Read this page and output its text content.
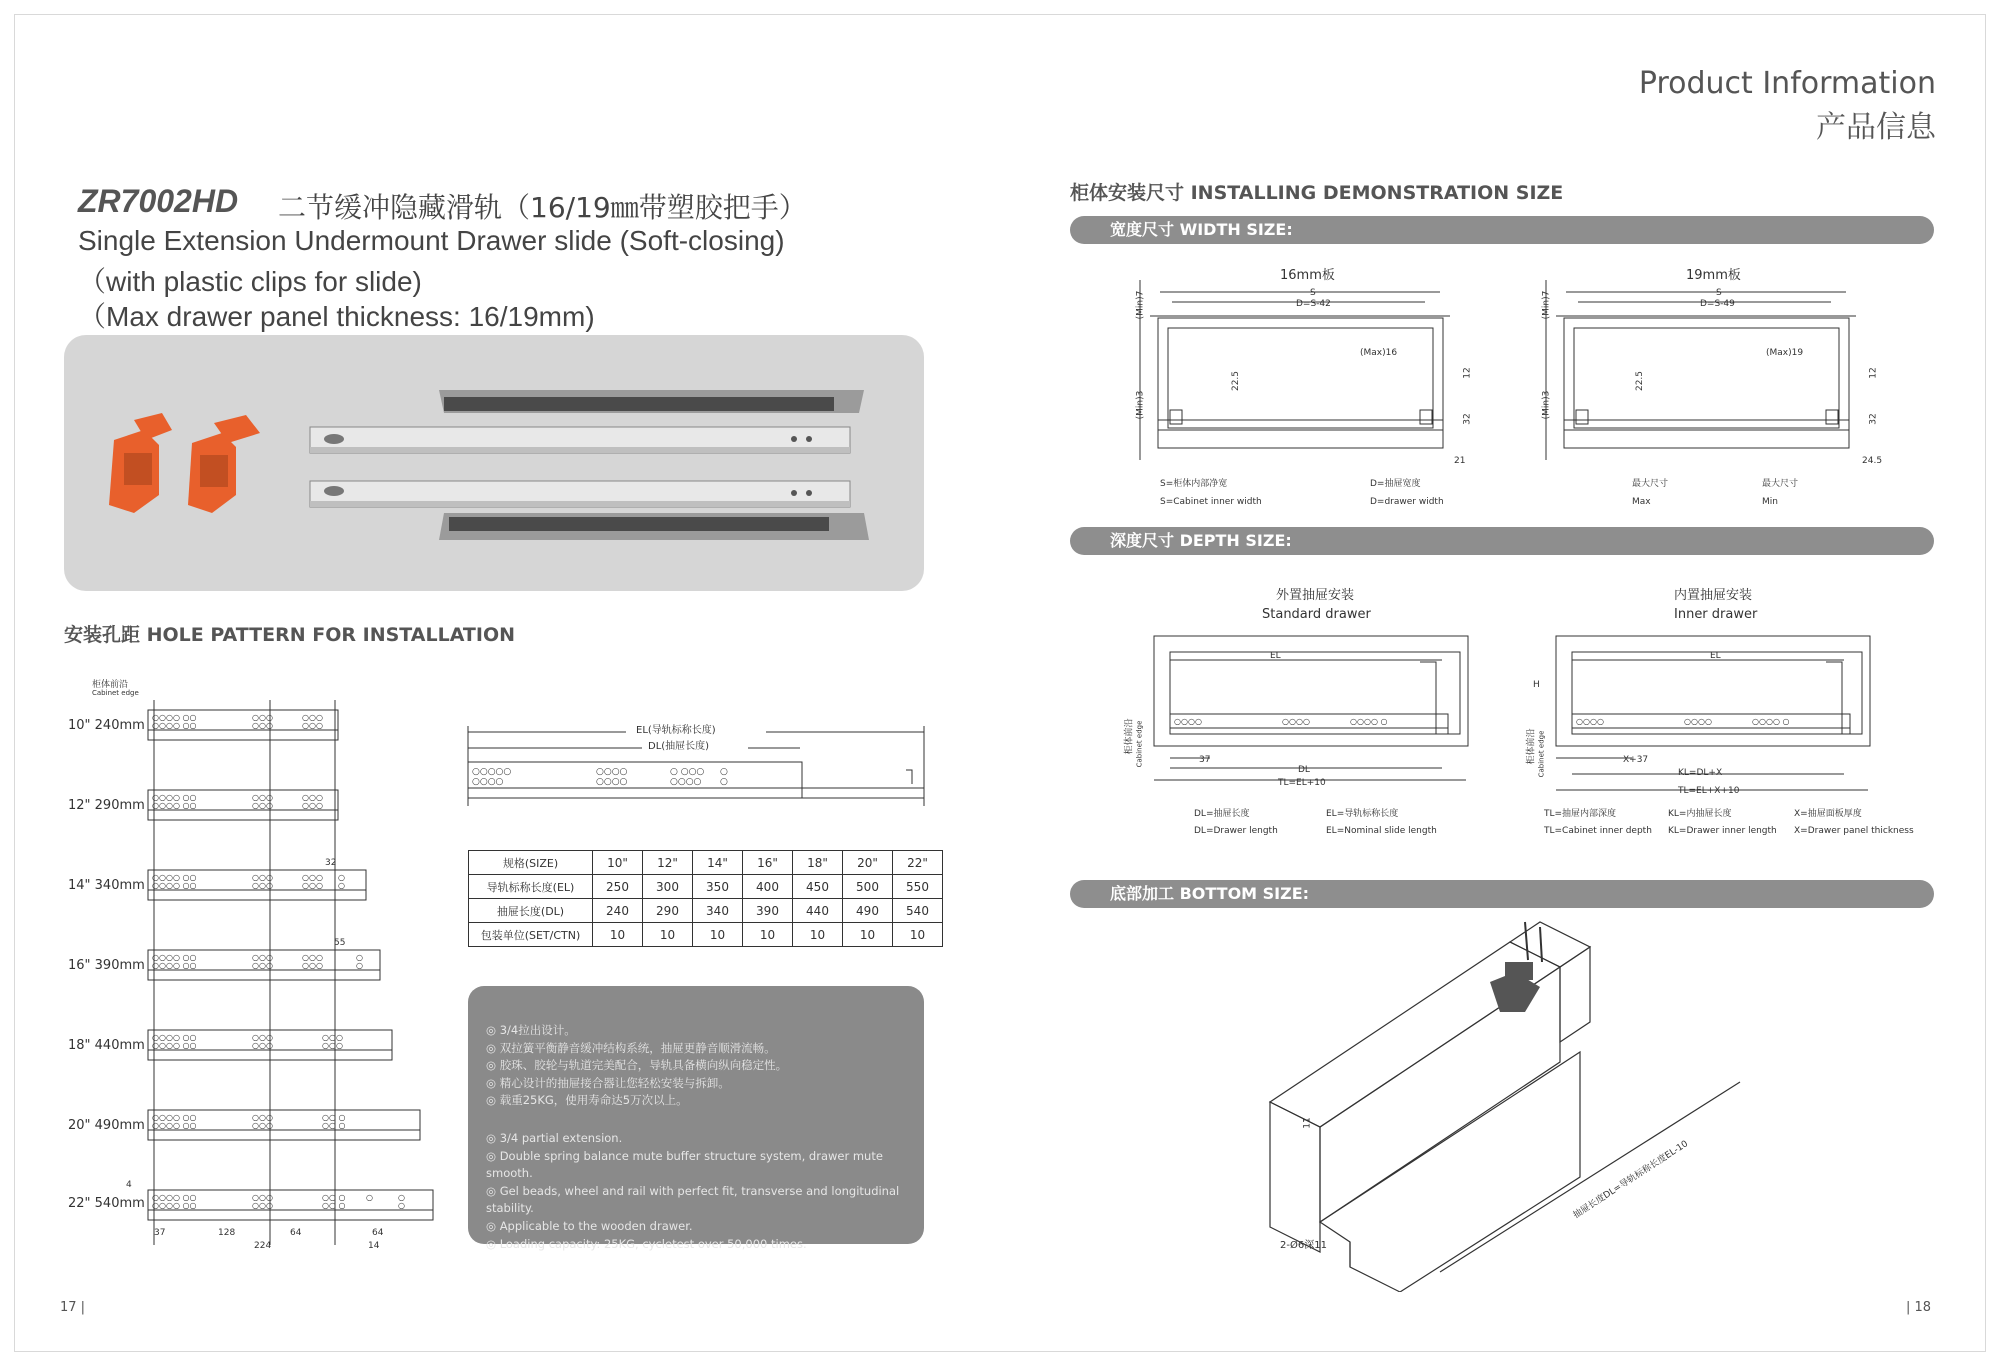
Product Information
产品信息
ZR7002HD 二节缓冲隐藏滑轨（16/19㎜带塑胶把手）
Single Extension Undermount Drawer slide (Soft-closing)
（with plastic clips for slide)
（Max drawer panel thickness: 16/19mm)
安装孔距 HOLE PATTERN FOR INSTALLATION
柜体前沿
Cabinet edge
10" 240mm
12" 290mm
14" 340mm
16" 390mm
18" 440mm
20" 490mm
22" 540mm
○○○○ ○○
○○○○ ○○
○○○
○○○
○○○
○○○
○○○○ ○○
○○○○ ○○
○○○
○○○
○○○
○○○
○○○○ ○○
○○○○ ○○
○○○
○○○
○○○
○○○
○
○
○○○○ ○○
○○○○ ○○
○○○
○○○
○○○
○○○
○
○
○○○○ ○○
○○○○ ○○
○○○
○○○
○○○
○○○
○○○○ ○○
○○○○ ○○
○○○
○○○
○○ ○
○○ ○
○○○○ ○○
○○○○ ○○
○○○
○○○
○○ ○
○○ ○
○	○
○
32
55
4
37	128	64
224
64
14
EL(导轨标称长度)
DL(抽屉长度)
○○○○○
○○○○
○○○○
○○○○
○ ○○○
○○○○
○
○
规格(SIZE)	10"	12"	14"	16"	18"	20"	22"
导轨标称长度(EL)	250	300	350	400	450	500	550
抽屉长度(DL)	240	290	340	390	440	490	540
包装单位(SET/CTN)	10	10	10	10	10	10	10
◎ 3/4拉出设计。
◎ 双拉簧平衡静音缓冲结构系统，抽屉更静音顺滑流畅。
◎ 胶珠、胶轮与轨道完美配合，导轨具备横向纵向稳定性。
◎ 精心设计的抽屉接合器让您轻松安装与拆卸。
◎ 载重25KG，使用寿命达5万次以上。
◎ 3/4 partial extension.
◎ Double spring balance mute buffer structure system, drawer mute smooth.
◎ Gel beads, wheel and rail with perfect fit, transverse and longitudinal stability.
◎ Applicable to the wooden drawer.
◎ Loading capacity: 25KG, cycletest over 50,000 times.
柜体安装尺寸 INSTALLING DEMONSTRATION SIZE
宽度尺寸 WIDTH SIZE:
深度尺寸 DEPTH SIZE:
底部加工 BOTTOM SIZE:
16mm板
S
D=S-42
(Max)16
(Min)7
(Min)3
22.5	12
32
21
19mm板
S
D=S-49
(Max)19
(Min)7
(Min)3
22.5	12
32
24.5
S=柜体内部净宽	D=抽屉宽度	最大尺寸	最大尺寸
S=Cabinet inner width	D=drawer width	Max	Min
外置抽屉安装
Standard drawer
○○○○	○○○○	○○○○ ○
EL
37
DL
TL=EL+10
柜体前沿 Cabinet edge
内置抽屉安装
Inner drawer
○○○○	○○○○	○○○○ ○
EL
H
X+37
KL=DL+X
TL=EL+X+10
柜体前沿 Cabinet edge
DL=抽屉长度	EL=导轨标称长度	TL=抽屉内部深度	KL=内抽屉长度	X=抽屉面板厚度
DL=Drawer length	EL=Nominal slide length	TL=Cabinet inner depth KL=Drawer inner length X=Drawer panel thickness
2-Ø6深11
抽屉长度DL=导轨标称长度EL-10
11
17 |	| 18
